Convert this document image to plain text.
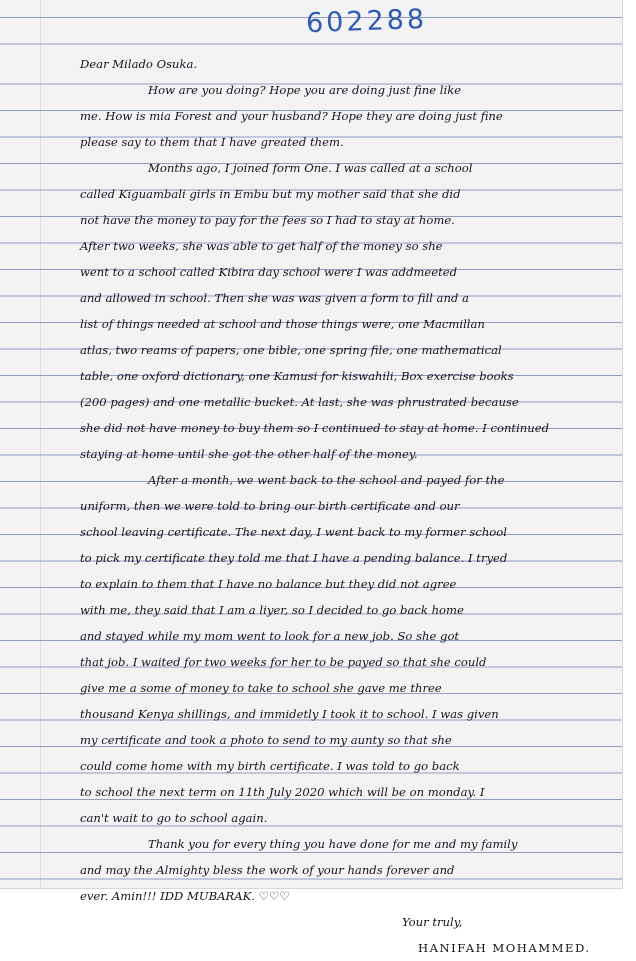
602288
Dear Milado Osuka.
How are you doing? Hope you are doing just fine like
me. How is mia Forest and your husband? Hope they are doing just fine
please say to them that I have greated them.
Months ago, I joined form One. I was called at a school
called Kiguambali girls in Embu but my mother said that she did
not have the money to pay for the fees so I had to stay at home.
After two weeks, she was able to get half of the money so she
went to a school called Kibira day school were I was addmeeted
and allowed in school. Then she was was given a form to fill and a
list of things needed at school and those things were, one Macmillan
atlas, two reams of papers, one bible, one spring file, one mathematical
table, one oxford dictionary, one Kamusi for kiswahili, Box exercise books
(200 pages) and one metallic bucket. At last, she was phrustrated because
she did not have money to buy them so I continued to stay at home. I continued
staying at home until she got the other half of the money.
After a month, we went back to the school and payed for the
uniform, then we were told to bring our birth certificate and our
school leaving certificate. The next day, I went back to my former school
to pick my certificate they told me that I have a pending balance. I tryed
to explain to them that I have no balance but they did not agree
with me, they said that I am a liyer, so I decided to go back home
and stayed while my mom went to look for a new job. So she got
that job. I waited for two weeks for her to be payed so that she could
give me a some of money to take to school she gave me three
thousand Kenya shillings, and immidetly I took it to school. I was given
my certificate and took a photo to send to my aunty so that she
could come home with my birth certificate. I was told to go back
to school the next term on 11th July 2020 which will be on monday. I
can't wait to go to school again.
Thank you for every thing you have done for me and my family
and may the Almighty bless the work of your hands forever and
ever. Amin!!! IDD MUBARAK. ♡♡♡
Your truly,
HANIFAH MOHAMMED.
